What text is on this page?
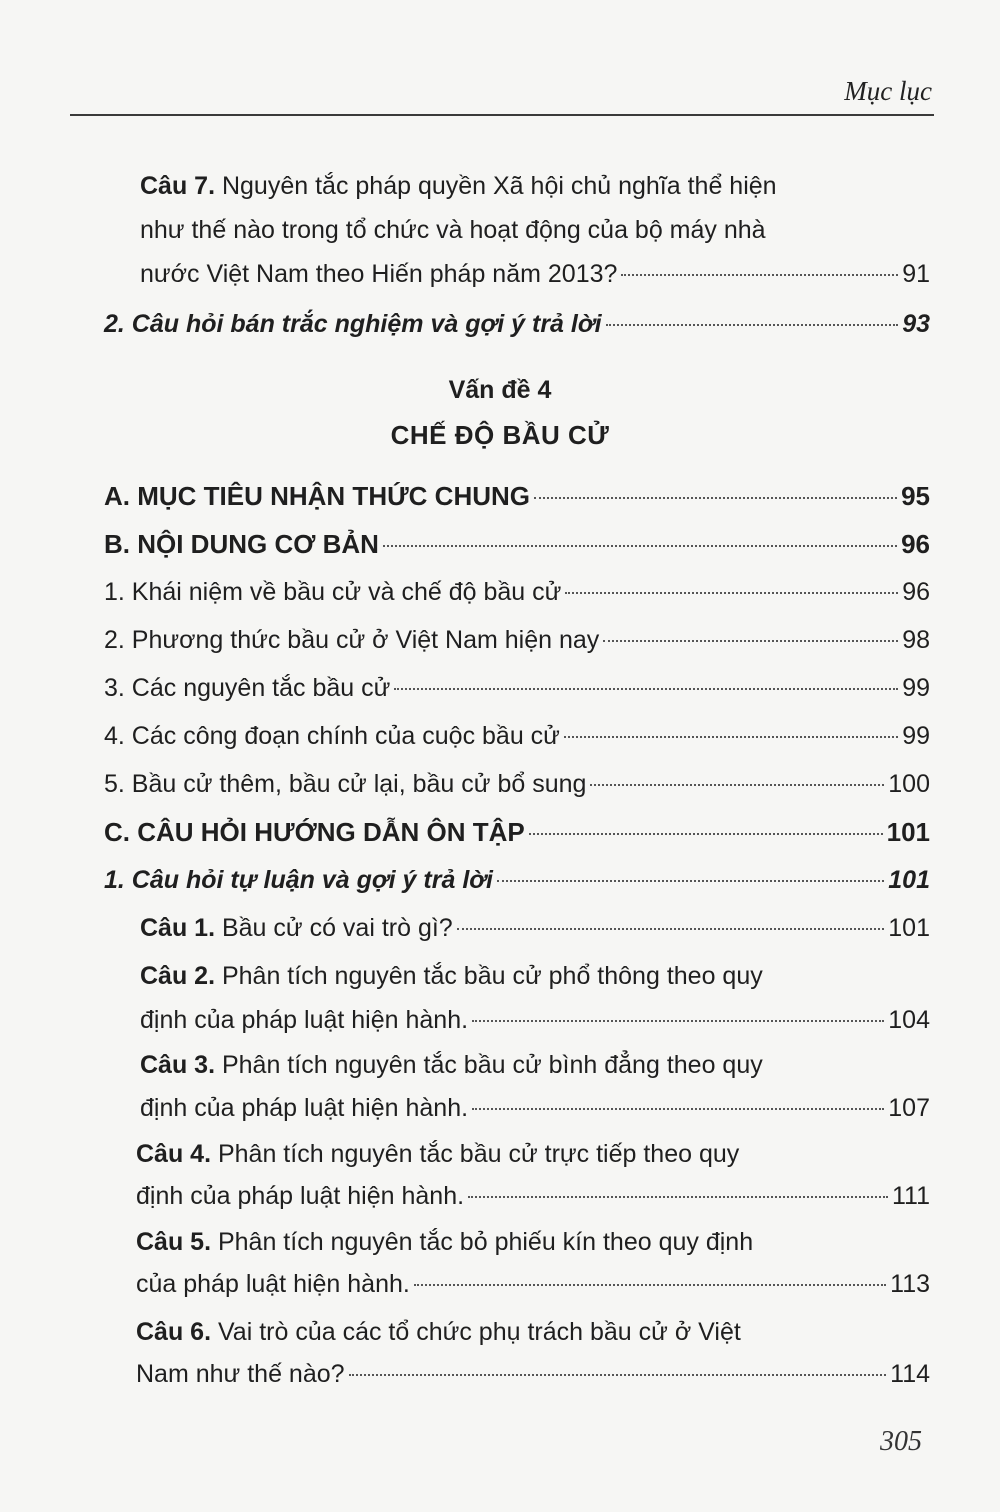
Mục lục
Câu 7. Nguyên tắc pháp quyền Xã hội chủ nghĩa thể hiện
như thế nào trong tổ chức và hoạt động của bộ máy nhà
nước Việt Nam theo Hiến pháp năm 2013?	91
2. Câu hỏi bán trắc nghiệm và gợi ý trả lời	93
Vấn đề 4
CHẾ ĐỘ BẦU CỬ
A. MỤC TIÊU NHẬN THỨC CHUNG	95
B. NỘI DUNG CƠ BẢN	96
1. Khái niệm về bầu cử và chế độ bầu cử	96
2. Phương thức bầu cử ở Việt Nam hiện nay	98
3. Các nguyên tắc bầu cử	99
4. Các công đoạn chính của cuộc bầu cử	99
5. Bầu cử thêm, bầu cử lại, bầu cử bổ sung	100
C. CÂU HỎI HƯỚNG DẪN ÔN TẬP	101
1. Câu hỏi tự luận và gợi ý trả lời	101
Câu 1. Bầu cử có vai trò gì?	101
Câu 2. Phân tích nguyên tắc bầu cử phổ thông theo quy
định của pháp luật hiện hành.	104
Câu 3. Phân tích nguyên tắc bầu cử bình đẳng theo quy
định của pháp luật hiện hành.	107
Câu 4. Phân tích nguyên tắc bầu cử trực tiếp theo quy
định của pháp luật hiện hành.	111
Câu 5. Phân tích nguyên tắc bỏ phiếu kín theo quy định
của pháp luật hiện hành.	113
Câu 6. Vai trò của các tổ chức phụ trách bầu cử ở Việt
Nam như thế nào?	114
305
